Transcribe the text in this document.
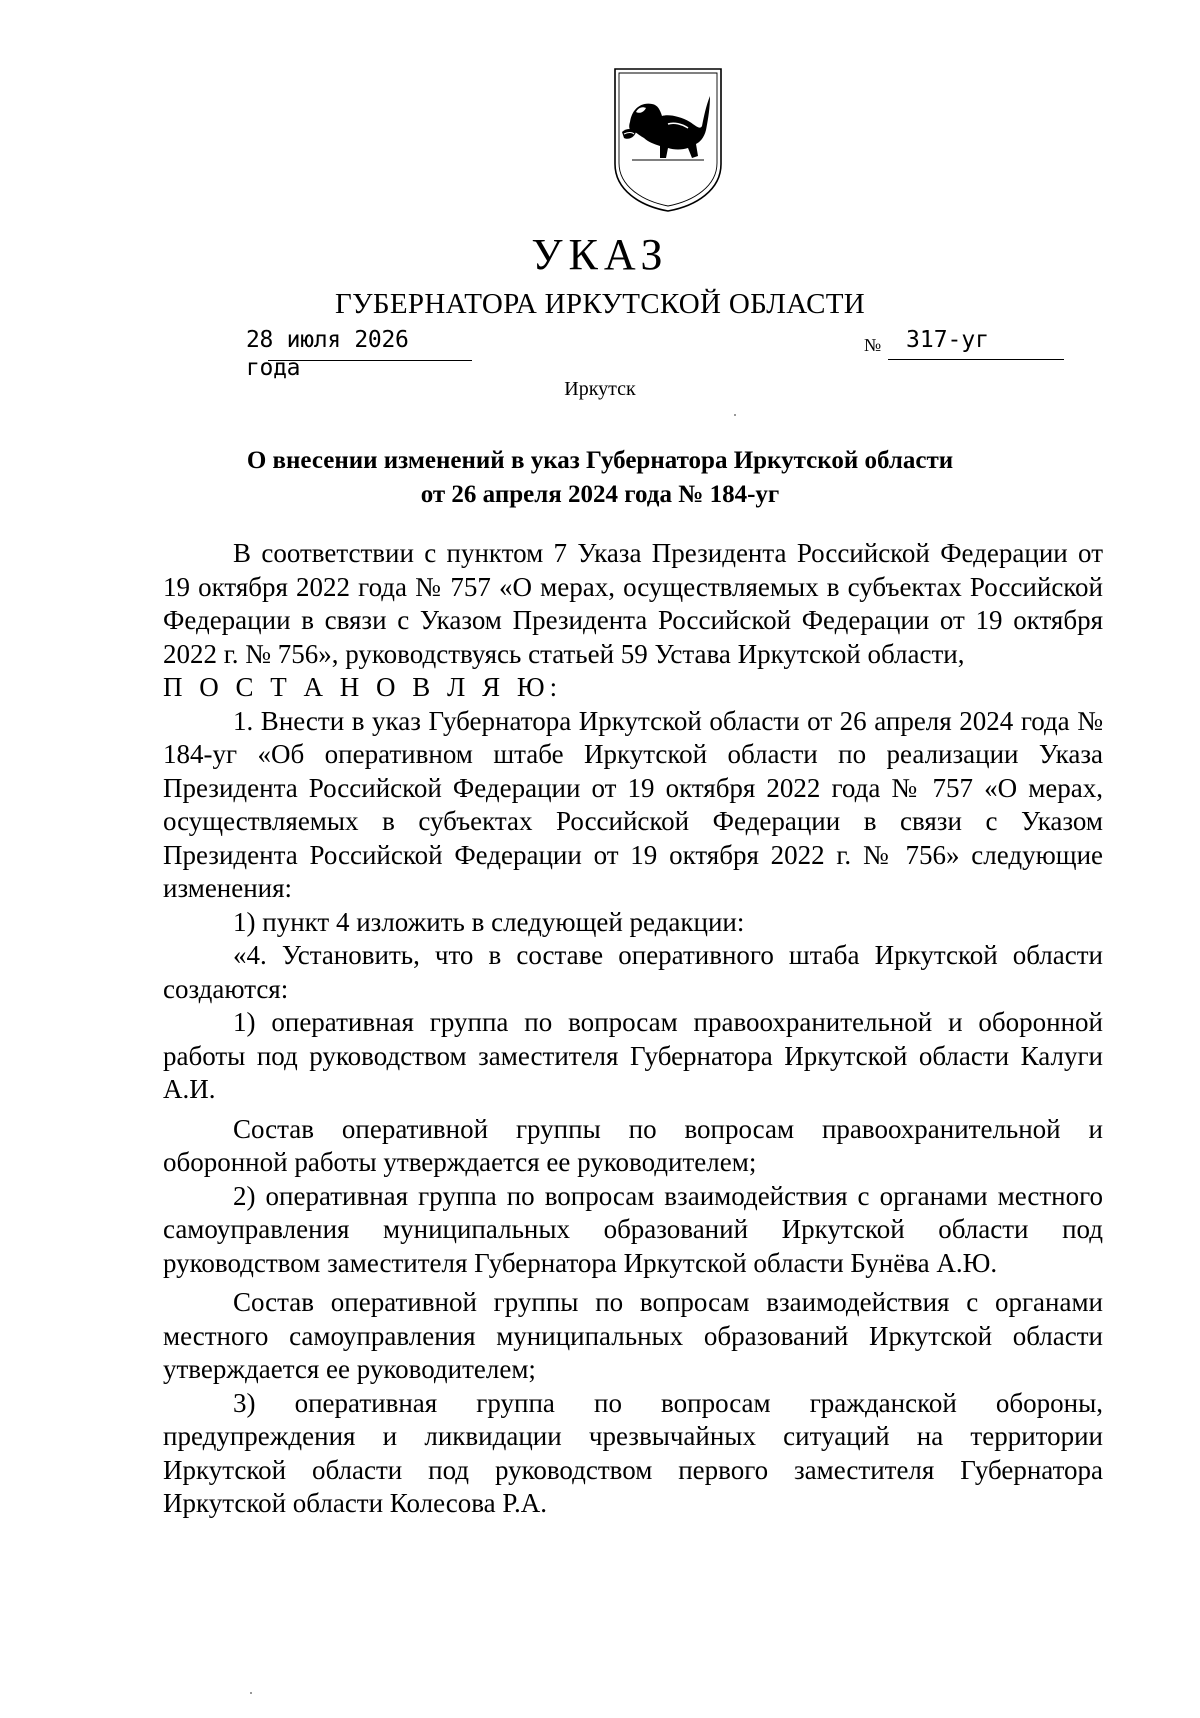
УКАЗ
ГУБЕРНАТОРА ИРКУТСКОЙ ОБЛАСТИ
28 июля 2026 года
№ 317-уг
Иркутск
О внесении изменений в указ Губернатора Иркутской области
от 26 апреля 2024 года № 184-уг

В соответствии с пунктом 7 Указа Президента Российской Федерации от 19 октября 2022 года № 757 «О мерах, осуществляемых в субъектах Российской Федерации в связи с Указом Президента Российской Федерации от 19 октября 2022 г. № 756», руководствуясь статьей 59 Устава Иркутской области,

П О С Т А Н О В Л Я Ю:

1. Внести в указ Губернатора Иркутской области от 26 апреля 2024 года № 184-уг «Об оперативном штабе Иркутской области по реализации Указа Президента Российской Федерации от 19 октября 2022 года № 757 «О мерах, осуществляемых в субъектах Российской Федерации в связи с Указом Президента Российской Федерации от 19 октября 2022 г. № 756» следующие изменения:

1) пункт 4 изложить в следующей редакции:

«4. Установить, что в составе оперативного штаба Иркутской области создаются:

1) оперативная группа по вопросам правоохранительной и оборонной работы под руководством заместителя Губернатора Иркутской области Калуги А.И.

Состав оперативной группы по вопросам правоохранительной и оборонной работы утверждается ее руководителем;

2) оперативная группа по вопросам взаимодействия с органами местного самоуправления муниципальных образований Иркутской области под руководством заместителя Губернатора Иркутской области Бунёва А.Ю.

Состав оперативной группы по вопросам взаимодействия с органами местного самоуправления муниципальных образований Иркутской области утверждается ее руководителем;

3) оперативная группа по вопросам гражданской обороны, предупреждения и ликвидации чрезвычайных ситуаций на территории Иркутской области под руководством первого заместителя Губернатора Иркутской области Колесова Р.А.
